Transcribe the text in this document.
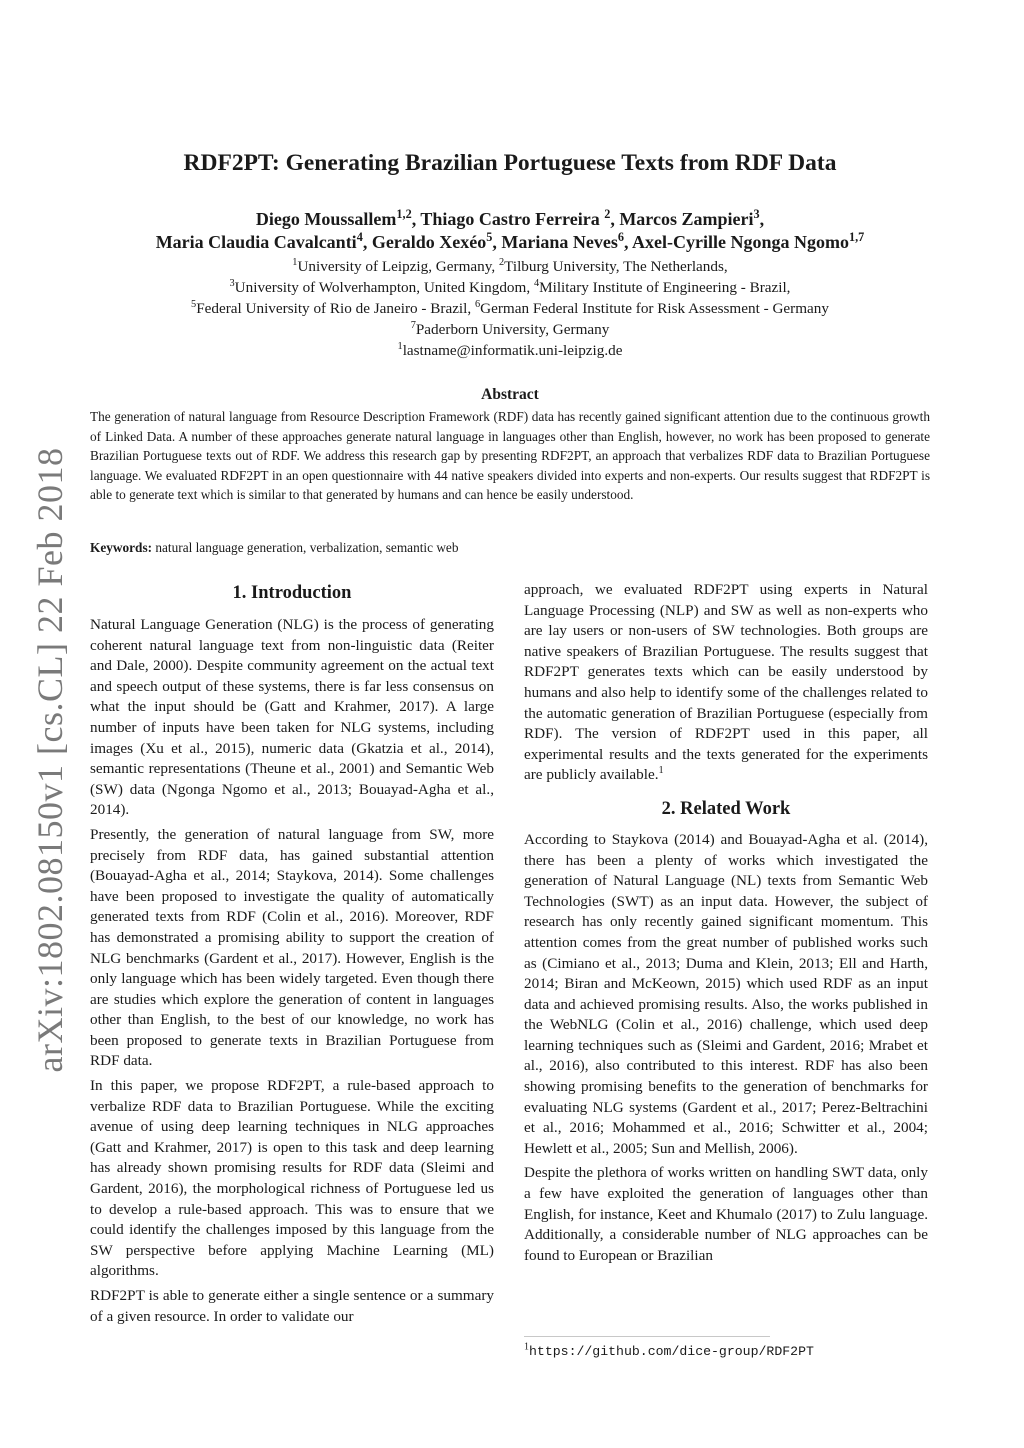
arXiv:1802.08150v1 [cs.CL] 22 Feb 2018
RDF2PT: Generating Brazilian Portuguese Texts from RDF Data
Diego Moussallem$^{1,2}$, Thiago Castro Ferreira $^2$, Marcos Zampieri$^3$,
Maria Claudia Cavalcanti$^4$, Geraldo Xexéo$^5$, Mariana Neves$^6$, Axel-Cyrille Ngonga Ngomo$^{1,7}$
$^1$University of Leipzig, Germany, $^2$Tilburg University, The Netherlands,
$^3$University of Wolverhampton, United Kingdom, $^4$Military Institute of Engineering - Brazil,
$^5$Federal University of Rio de Janeiro - Brazil, $^6$German Federal Institute for Risk Assessment - Germany
$^7$Paderborn University, Germany
$^1$lastname@informatik.uni-leipzig.de
Abstract

The generation of natural language from Resource Description Framework (RDF) data has recently gained significant attention due to the continuous growth of Linked Data. A number of these approaches generate natural language in languages other than English, however, no work has been proposed to generate Brazilian Portuguese texts out of RDF. We address this research gap by presenting RDF2PT, an approach that verbalizes RDF data to Brazilian Portuguese language. We evaluated RDF2PT in an open questionnaire with 44 native speakers divided into experts and non-experts. Our results suggest that RDF2PT is able to generate text which is similar to that generated by humans and can hence be easily understood.

Keywords: natural language generation, verbalization, semantic web

1. Introduction

Natural Language Generation (NLG) is the process of generating coherent natural language text from non-linguistic data (Reiter and Dale, 2000). Despite community agreement on the actual text and speech output of these systems, there is far less consensus on what the input should be (Gatt and Krahmer, 2017). A large number of inputs have been taken for NLG systems, including images (Xu et al., 2015), numeric data (Gkatzia et al., 2014), semantic representations (Theune et al., 2001) and Semantic Web (SW) data (Ngonga Ngomo et al., 2013; Bouayad-Agha et al., 2014).

Presently, the generation of natural language from SW, more precisely from RDF data, has gained substantial attention (Bouayad-Agha et al., 2014; Staykova, 2014). Some challenges have been proposed to investigate the quality of automatically generated texts from RDF (Colin et al., 2016). Moreover, RDF has demonstrated a promising ability to support the creation of NLG benchmarks (Gardent et al., 2017). However, English is the only language which has been widely targeted. Even though there are studies which explore the generation of content in languages other than English, to the best of our knowledge, no work has been proposed to generate texts in Brazilian Portuguese from RDF data.

In this paper, we propose RDF2PT, a rule-based approach to verbalize RDF data to Brazilian Portuguese. While the exciting avenue of using deep learning techniques in NLG approaches (Gatt and Krahmer, 2017) is open to this task and deep learning has already shown promising results for RDF data (Sleimi and Gardent, 2016), the morphological richness of Portuguese led us to develop a rule-based approach. This was to ensure that we could identify the challenges imposed by this language from the SW perspective before applying Machine Learning (ML) algorithms.

RDF2PT is able to generate either a single sentence or a summary of a given resource. In order to validate our

approach, we evaluated RDF2PT using experts in Natural Language Processing (NLP) and SW as well as non-experts who are lay users or non-users of SW technologies. Both groups are native speakers of Brazilian Portuguese. The results suggest that RDF2PT generates texts which can be easily understood by humans and also help to identify some of the challenges related to the automatic generation of Brazilian Portuguese (especially from RDF). The version of RDF2PT used in this paper, all experimental results and the texts generated for the experiments are publicly available.$^1$

2. Related Work

According to Staykova (2014) and Bouayad-Agha et al. (2014), there has been a plenty of works which investigated the generation of Natural Language (NL) texts from Semantic Web Technologies (SWT) as an input data. However, the subject of research has only recently gained significant momentum. This attention comes from the great number of published works such as (Cimiano et al., 2013; Duma and Klein, 2013; Ell and Harth, 2014; Biran and McKeown, 2015) which used RDF as an input data and achieved promising results. Also, the works published in the WebNLG (Colin et al., 2016) challenge, which used deep learning techniques such as (Sleimi and Gardent, 2016; Mrabet et al., 2016), also contributed to this interest. RDF has also been showing promising benefits to the generation of benchmarks for evaluating NLG systems (Gardent et al., 2017; Perez-Beltrachini et al., 2016; Mohammed et al., 2016; Schwitter et al., 2004; Hewlett et al., 2005; Sun and Mellish, 2006).

Despite the plethora of works written on handling SWT data, only a few have exploited the generation of languages other than English, for instance, Keet and Khumalo (2017) to Zulu language. Additionally, a considerable number of NLG approaches can be found to European or Brazilian

$^1$https://github.com/dice-group/RDF2PT
